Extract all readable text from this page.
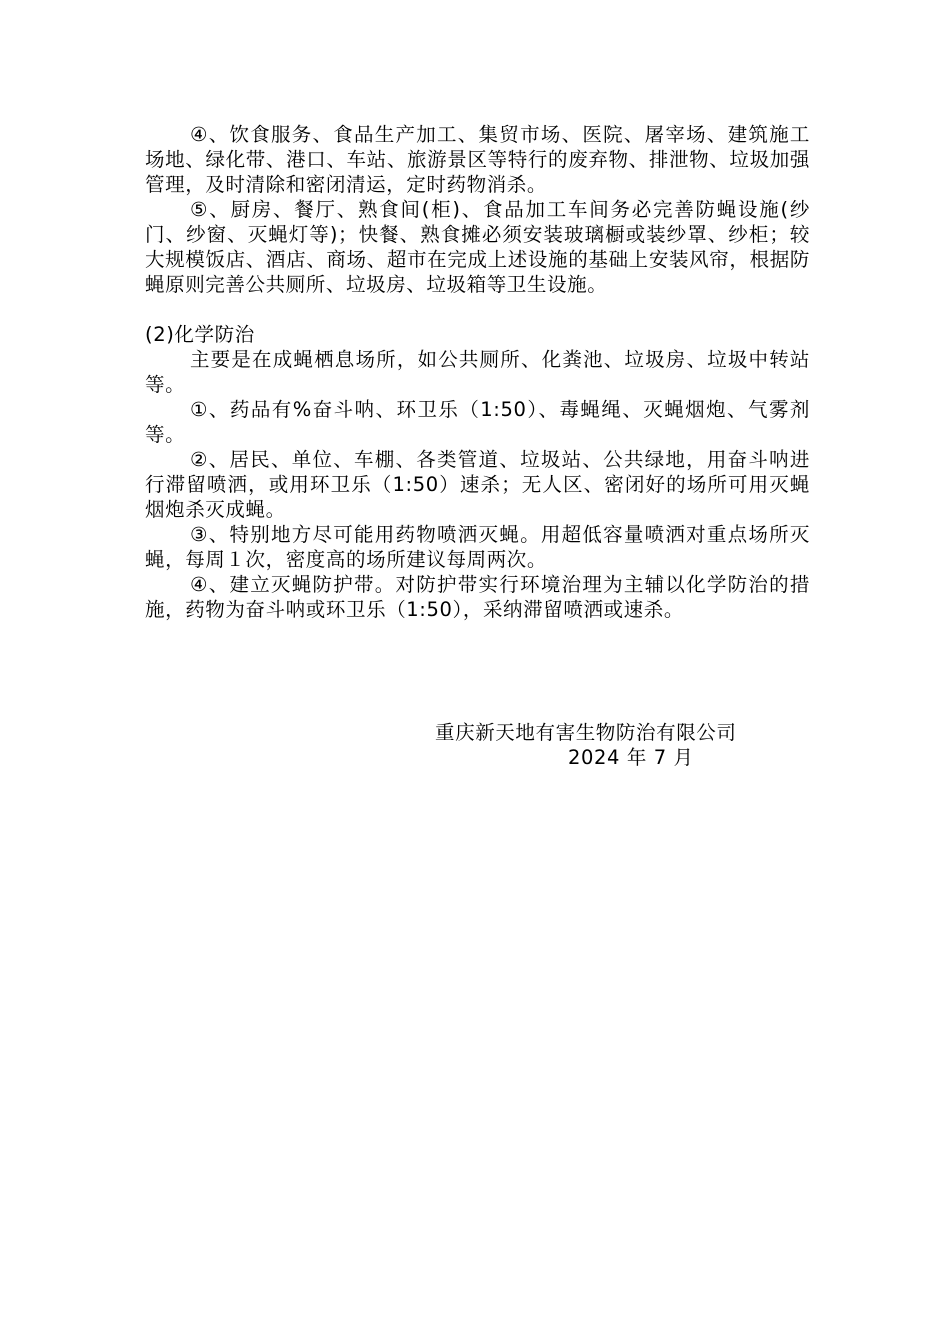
④、饮食服务、食品生产加工、集贸市场、医院、屠宰场、建筑施工场地、绿化带、港口、车站、旅游景区等特行的废弃物、排泄物、垃圾加强管理，及时清除和密闭清运，定时药物消杀。

⑤、厨房、餐厅、熟食间(柜)、食品加工车间务必完善防蝇设施(纱门、纱窗、灭蝇灯等)；快餐、熟食摊必须安装玻璃橱或装纱罩、纱柜；较大规模饭店、酒店、商场、超市在完成上述设施的基础上安装风帘，根据防蝇原则完善公共厕所、垃圾房、垃圾箱等卫生设施。

(2)化学防治

主要是在成蝇栖息场所，如公共厕所、化粪池、垃圾房、垃圾中转站等。

①、药品有%奋斗呐、环卫乐（1:50）、毒蝇绳、灭蝇烟炮、气雾剂等。

②、居民、单位、车棚、各类管道、垃圾站、公共绿地，用奋斗呐进行滞留喷洒，或用环卫乐（1:50）速杀；无人区、密闭好的场所可用灭蝇烟炮杀灭成蝇。

③、特别地方尽可能用药物喷洒灭蝇。用超低容量喷洒对重点场所灭蝇，每周１次，密度高的场所建议每周两次。

④、建立灭蝇防护带。对防护带实行环境治理为主辅以化学防治的措施，药物为奋斗呐或环卫乐（1:50），采纳滞留喷洒或速杀。

重庆新天地有害生物防治有限公司
2024 年 7 月
